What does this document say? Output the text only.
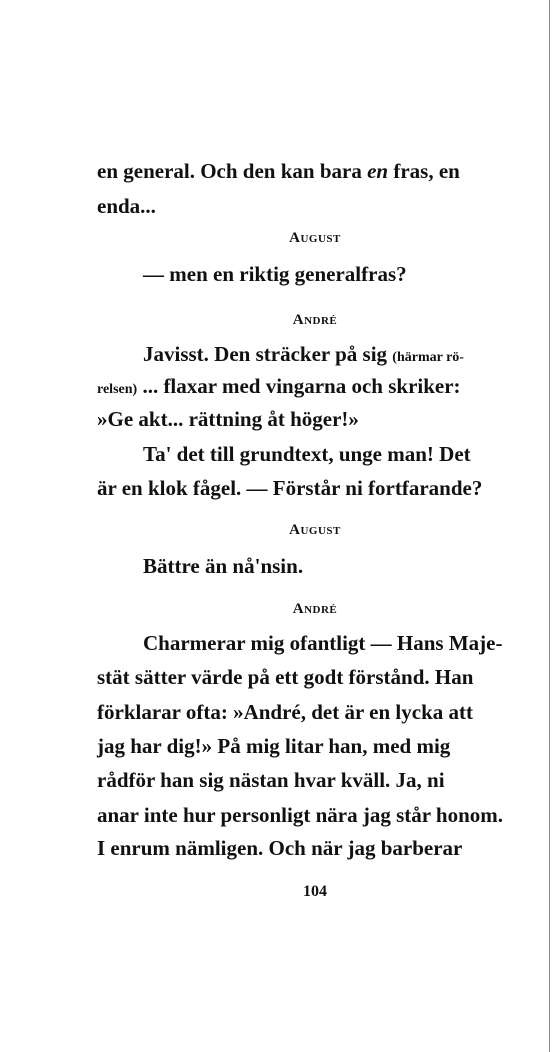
en general. Och den kan bara en fras, en
enda...
August
— men en riktig generalfras?
André
Javisst. Den sträcker på sig (härmar rö-
relsen) ... flaxar med vingarna och skriker:
»Ge akt... rättning åt höger!»
Ta' det till grundtext, unge man! Det
är en klok fågel. — Förstår ni fortfarande?
August
Bättre än nå'nsin.
André
Charmerar mig ofantligt — Hans Maje-
stät sätter värde på ett godt förstånd. Han
förklarar ofta: »André, det är en lycka att
jag har dig!» På mig litar han, med mig
rådför han sig nästan hvar kväll. Ja, ni
anar inte hur personligt nära jag står honom.
I enrum nämligen. Och när jag barberar
104
